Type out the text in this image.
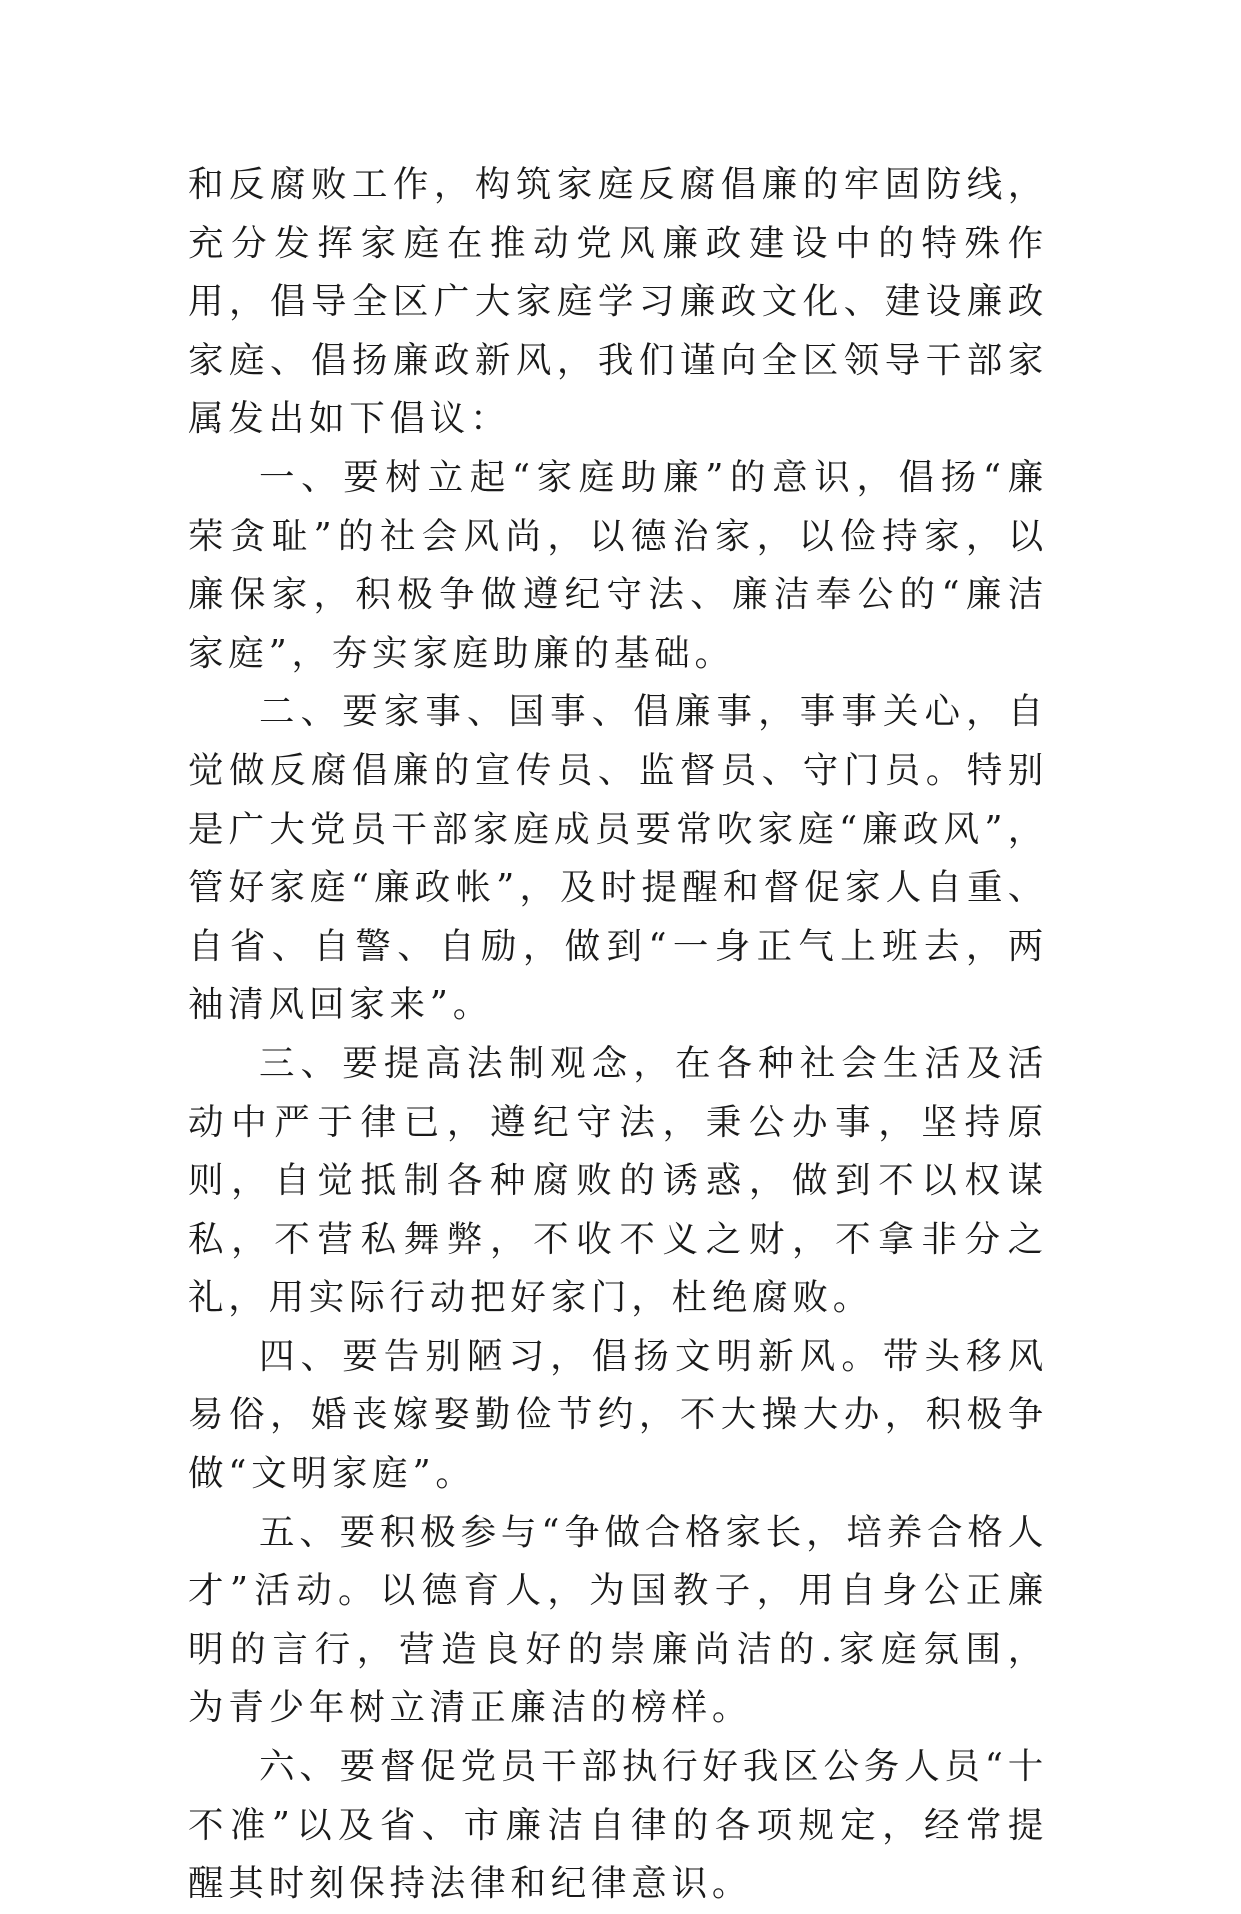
和反腐败工作，构筑家庭反腐倡廉的牢固防线，充分发挥家庭在推动党风廉政建设中的特殊作用，倡导全区广大家庭学习廉政文化、建设廉政家庭、倡扬廉政新风，我们谨向全区领导干部家属发出如下倡议：

一、要树立起“家庭助廉”的意识，倡扬“廉荣贪耻”的社会风尚，以德治家，以俭持家，以廉保家，积极争做遵纪守法、廉洁奉公的“廉洁家庭”，夯实家庭助廉的基础。

二、要家事、国事、倡廉事，事事关心，自觉做反腐倡廉的宣传员、监督员、守门员。特别是广大党员干部家庭成员要常吹家庭“廉政风”，管好家庭“廉政帐”，及时提醒和督促家人自重、自省、自警、自励，做到“一身正气上班去，两袖清风回家来”。

三、要提高法制观念，在各种社会生活及活动中严于律已，遵纪守法，秉公办事，坚持原则，自觉抵制各种腐败的诱惑，做到不以权谋私，不营私舞弊，不收不义之财，不拿非分之礼，用实际行动把好家门，杜绝腐败。

四、要告别陋习，倡扬文明新风。带头移风易俗，婚丧嫁娶勤俭节约，不大操大办，积极争做“文明家庭”。

五、要积极参与“争做合格家长，培养合格人才”活动。以德育人，为国教子，用自身公正廉明的言行，营造良好的崇廉尚洁的.家庭氛围，为青少年树立清正廉洁的榜样。

六、要督促党员干部执行好我区公务人员“十不准”以及省、市廉洁自律的各项规定，经常提醒其时刻保持法律和纪律意识。
